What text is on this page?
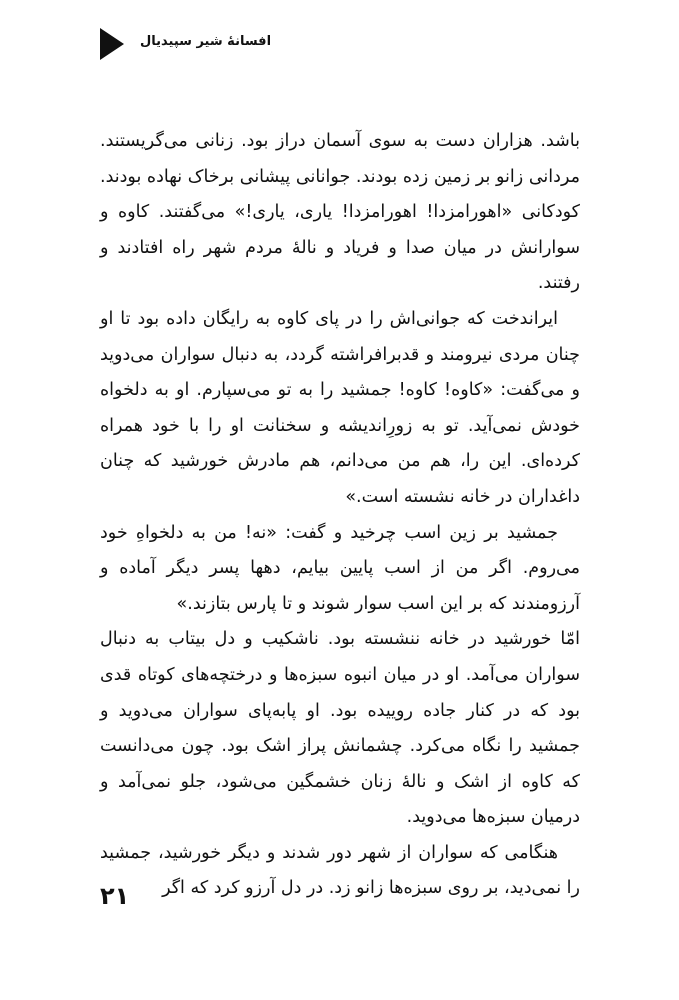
افسانهٔ شیر سپیدیال

باشد. هزاران دست به سوی آسمان دراز بود. زنانی می‌گریستند. مردانی زانو بر زمین زده بودند. جوانانی پیشانی برخاک نهاده بودند. کودکانی «اهورامزدا! اهورامزدا! یاری، یاری!» می‌گفتند. کاوه و سوارانش در میان صدا و فریاد و نالهٔ مردم شهر راه افتادند و رفتند.

ایراندخت که جوانی‌اش را در پای کاوه به رایگان داده بود تا او چنان مردی نیرومند و قدبرافراشته گردد، به دنبال سواران می‌دوید و می‌گفت: «کاوه! کاوه! جمشید را به تو می‌سپارم. او به دلخواه خودش نمی‌آید. تو به زورِاندیشه و سخنانت او را با خود همراه کرده‌ای. این را، هم من می‌دانم، هم مادرش خورشید که چنان داغداران در خانه نشسته است.»

جمشید بر زین اسب چرخید و گفت: «نه! من به دلخواهِ خود می‌روم. اگر من از اسب پایین بیایم، دهها پسر دیگر آماده و آرزومندند که بر این اسب سوار شوند و تا پارس بتازند.»

امّا خورشید در خانه ننشسته بود. ناشکیب و دل بیتاب به دنبال سواران می‌آمد. او در میان انبوه سبزه‌ها و درختچه‌های کوتاه قدی بود که در کنار جاده روییده بود. او پابه‌پای سواران می‌دوید و جمشید را نگاه می‌کرد. چشمانش پراز اشک بود. چون می‌دانست که کاوه از اشک و نالهٔ زنان خشمگین می‌شود، جلو نمی‌آمد و درمیان سبزه‌ها می‌دوید.

هنگامی که سواران از شهر دور شدند و دیگر خورشید، جمشید را نمی‌دید، بر روی سبزه‌ها زانو زد. در دل آرزو کرد که اگر

۲۱
